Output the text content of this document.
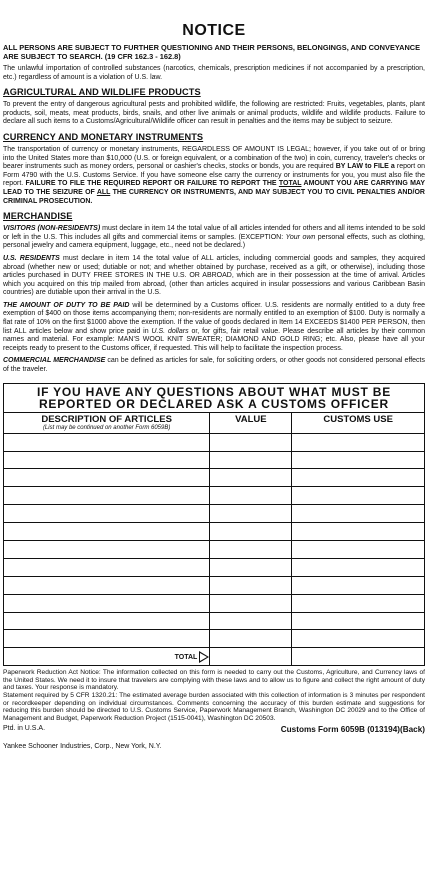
NOTICE
ALL PERSONS ARE SUBJECT TO FURTHER QUESTIONING AND THEIR PERSONS, BELONGINGS, AND CONVEYANCE ARE SUBJECT TO SEARCH. (19 CFR 162.3 - 162.8)

The unlawful importation of controlled substances (narcotics, chemicals, prescription medicines if not accompanied by a prescription, etc.) regardless of amount is a violation of U.S. law.

AGRICULTURAL AND WILDLIFE PRODUCTS

To prevent the entry of dangerous agricultural pests and prohibited wildlife, the following are restricted: Fruits, vegetables, plants, plant products, soil, meats, meat products, birds, snails, and other live animals or animal products, wildlife and wildlife products. Failure to declare all such items to a Customs/Agricultural/Wildlife officer can result in penalties and the items may be subject to seizure.

CURRENCY AND MONETARY INSTRUMENTS

The transportation of currency or monetary instruments, REGARDLESS OF AMOUNT IS LEGAL; however, if you take out of or bring into the United States more than $10,000 (U.S. or foreign equivalent, or a combination of the two) in coin, currency, traveler's checks or bearer instruments such as money orders, personal or cashier's checks, stocks or bonds, you are required BY LAW to FILE a report on Form 4790 with the U.S. Customs Service. If you have someone else carry the currency or instruments for you, you must also file the report. FAILURE TO FILE THE REQUIRED REPORT OR FAILURE TO REPORT THE TOTAL AMOUNT YOU ARE CARRYING MAY LEAD TO THE SEIZURE OF ALL THE CURRENCY OR INSTRUMENTS, AND MAY SUBJECT YOU TO CIVIL PENALTIES AND/OR CRIMINAL PROSECUTION.

MERCHANDISE

VISITORS (NON-RESIDENTS) must declare in item 14 the total value of all articles intended for others and all items intended to be sold or left in the U.S. This includes all gifts and commercial items or samples. (EXCEPTION: Your own personal effects, such as clothing, personal jewelry and camera equipment, luggage, etc., need not be declared.)

U.S. RESIDENTS must declare in item 14 the total value of ALL articles, including commercial goods and samples, they acquired abroad (whether new or used; dutiable or not; and whether obtained by purchase, received as a gift, or otherwise), including those articles purchased in DUTY FREE STORES IN THE U.S. OR ABROAD, which are in their possession at the time of arrival. Articles which you acquired on this trip mailed from abroad, (other than articles acquired in insular possessions and various Caribbean Basin countries) are dutiable upon their arrival in the U.S.

THE AMOUNT OF DUTY TO BE PAID will be determined by a Customs officer. U.S. residents are normally entitled to a duty free exemption of $400 on those items accompanying them; non-residents are normally entitled to an exemption of $100. Duty is normally a flat rate of 10% on the first $1000 above the exemption. If the value of goods declared in Item 14 EXCEEDS $1400 PER PERSON, then list ALL articles below and show price paid in U.S. dollars or, for gifts, fair retail value. Please describe all articles by their common names and material. For example: MAN'S WOOL KNIT SWEATER; DIAMOND AND GOLD RING; etc. Also, please have all your receipts ready to present to the Customs officer, if requested. This will help to facilitate the inspection process.

COMMERCIAL MERCHANDISE can be defined as articles for sale, for soliciting orders, or other goods not considered personal effects of the traveler.

IF YOU HAVE ANY QUESTIONS ABOUT WHAT MUST BE REPORTED OR DECLARED ASK A CUSTOMS OFFICER
DESCRIPTION OF ARTICLES
(List may be continued on another Form 6059B)	VALUE	CUSTOMS USE

TOTAL		

Paperwork Reduction Act Notice: The information collected on this form is needed to carry out the Customs, Agriculture, and Currency laws of the United States. We need it to insure that travelers are complying with these laws and to allow us to figure and collect the right amount of duty and taxes. Your response is mandatory.

Statement required by 5 CFR 1320.21: The estimated average burden associated with this collection of information is 3 minutes per respondent or recordkeeper depending on individual circumstances. Comments concerning the accuracy of this burden estimate and suggestions for reducing this burden should be directed to U.S. Customs Service, Paperwork Management Branch, Washington DC 20029 and to the Office of Management and Budget, Paperwork Reduction Project (1515-0041), Washington DC 20503.

Ptd. in U.S.A.	Customs Form 6059B (013194)(Back)
Yankee Schooner Industries, Corp., New York, N.Y.
